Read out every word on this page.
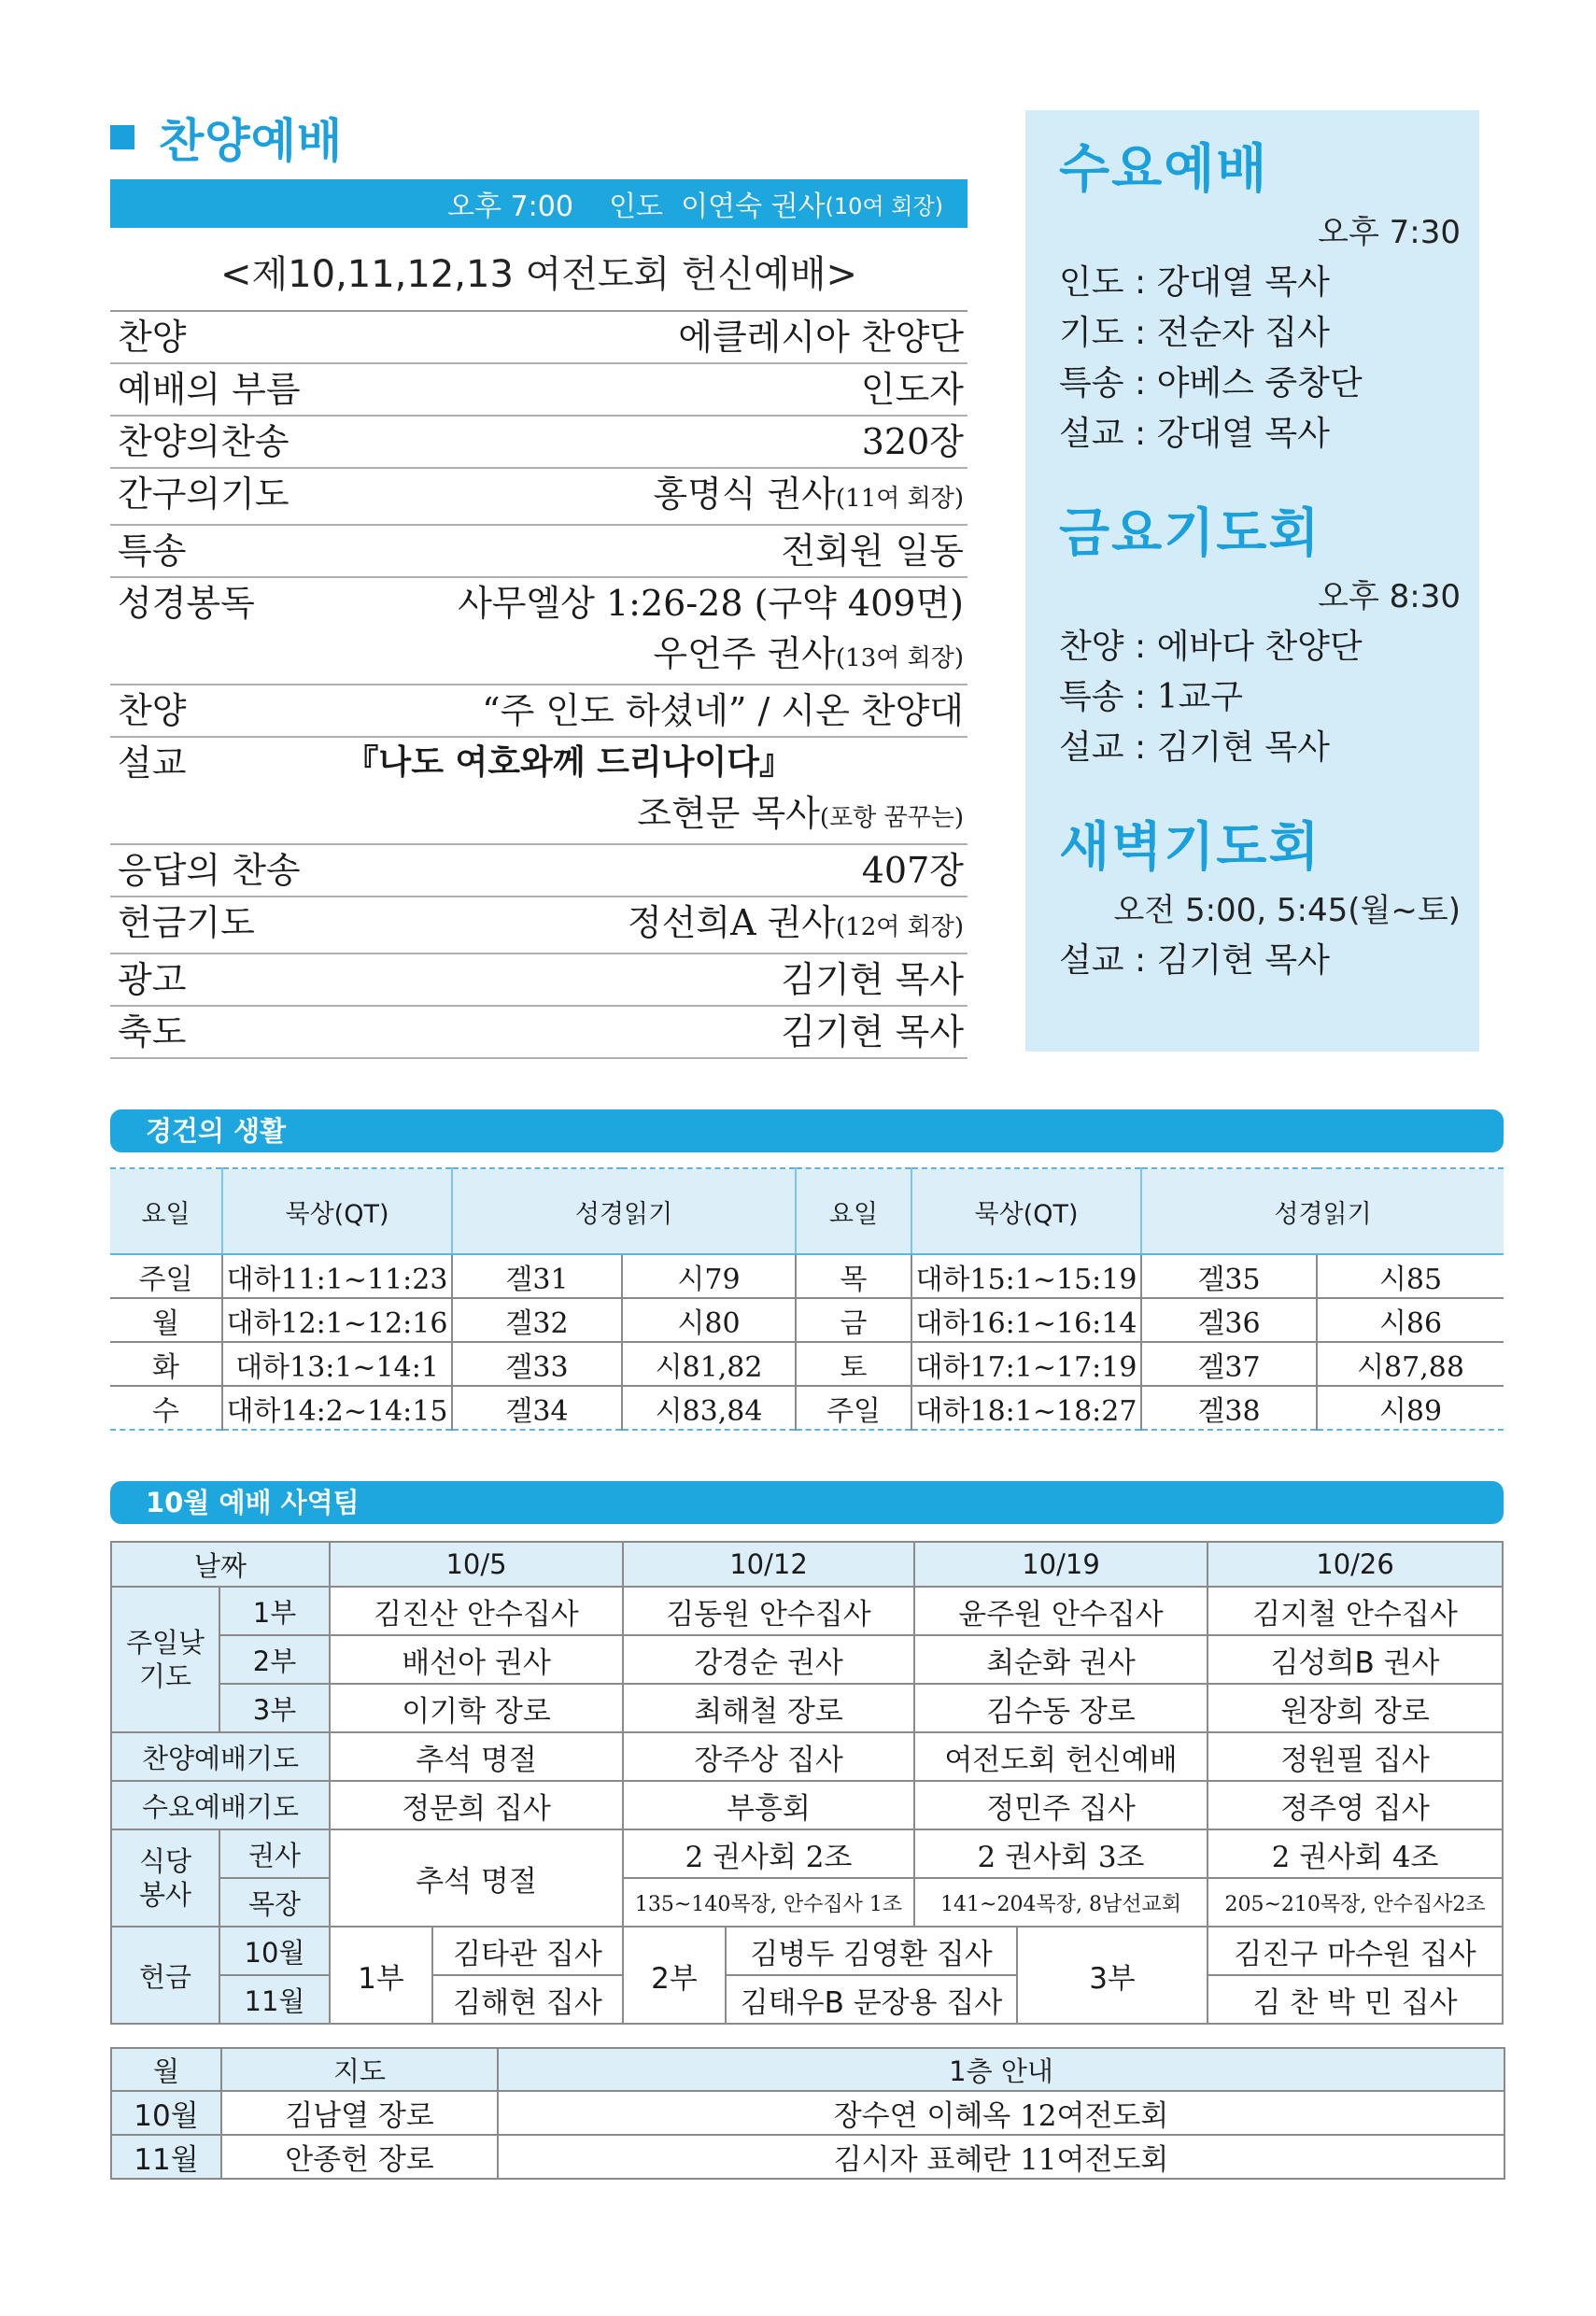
찬양예배
오후 7:00    인도  이연숙 권사 (10여 회장)
<제10,11,12,13 여전도회 헌신예배>
찬양	에클레시아 찬양단
예배의 부름	인도자
찬양의찬송	320장
간구의기도	홍명식 권사(11여 회장)
특송	전회원 일동
성경봉독	사무엘상 1:26-28 (구약 409면)
우언주 권사(13여 회장)
찬양	“주 인도 하셨네” / 시온 찬양대
설교	『나도 여호와께 드리나이다』
조현문 목사(포항 꿈꾸는)
응답의 찬송	407장
헌금기도	정선희A 권사(12여 회장)
광고	김기현 목사
축도	김기현 목사
수요예배
오후 7:30
인도 : 강대열 목사
기도 : 전순자 집사
특송 : 야베스 중창단
설교 : 강대열 목사
금요기도회
오후 8:30
찬양 : 에바다 찬양단
특송 : 1교구
설교 : 김기현 목사
새벽기도회
오전 5:00, 5:45(월~토)
설교 : 김기현 목사
경건의 생활
요일	묵상(QT)	성경읽기		요일	묵상(QT)	성경읽기	
주일	대하11:1~11:23	겔31	시79	목	대하15:1~15:19	겔35	시85
월	대하12:1~12:16	겔32	시80	금	대하16:1~16:14	겔36	시86
화	대하13:1~14:1	겔33	시81,82	토	대하17:1~17:19	겔37	시87,88
수	대하14:2~14:15	겔34	시83,84	주일	대하18:1~18:27	겔38	시89
10월 예배 사역팀
날짜		10/5		10/12		10/19		10/26
주일낮
기도	1부	김진산 안수집사		김동원 안수집사		윤주원 안수집사		김지철 안수집사
	2부	배선아 권사		강경순 권사		최순화 권사		김성희B 권사
	3부	이기학 장로		최해철 장로		김수동 장로		원장희 장로
찬양예배기도		추석 명절		장주상 집사		여전도회 헌신예배		정원필 집사
수요예배기도		정문희 집사		부흥회		정민주 집사		정주영 집사
식당
봉사	권사	추석 명절		2 권사회 2조		2 권사회 3조		2 권사회 4조
	목장			135~140목장, 안수집사 1조		141~204목장, 8남선교회		205~210목장, 안수집사2조
헌금	10월	1부	김타관 집사	2부	김병두 김영환 집사		3부	김진구 마수원 집사
	11월		김해현 집사		김태우B 문장용 집사			김 찬 박 민 집사
월	지도	1층 안내
10월	김남열 장로	장수연 이혜옥 12여전도회
11월	안종헌 장로	김시자 표혜란 11여전도회
